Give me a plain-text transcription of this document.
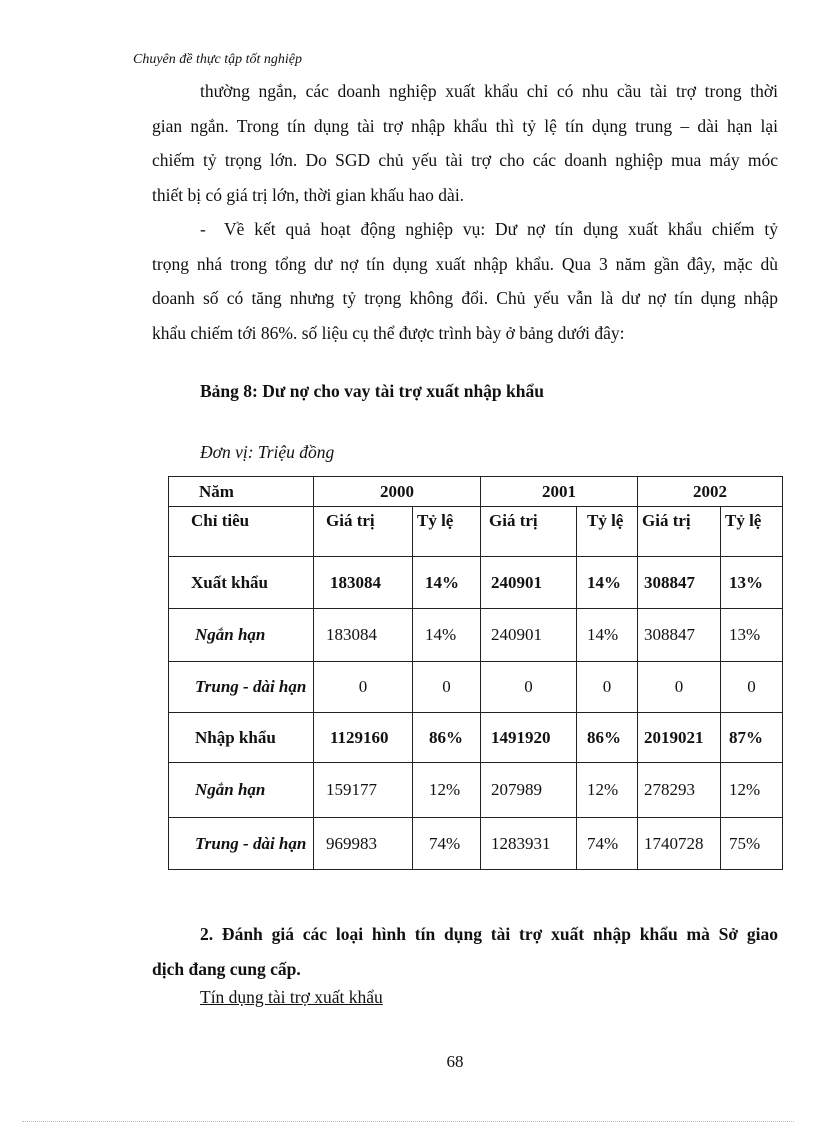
Chuyên đề thực tập tốt nghiệp
thường ngắn, các doanh nghiệp xuất khẩu chỉ có nhu cầu tài trợ trong thời
gian ngắn. Trong tín dụng tài trợ nhập khẩu thì tỷ lệ tín dụng trung – dài hạn lại
chiếm tỷ trọng lớn. Do SGD chủ yếu tài trợ cho các doanh nghiệp mua máy móc
thiết bị có giá trị lớn, thời gian khấu hao dài.
- Về kết quả hoạt động nghiệp vụ: Dư nợ tín dụng xuất khẩu chiếm tỷ
trọng nhá trong tổng dư nợ tín dụng xuất nhập khẩu. Qua 3 năm gần đây, mặc dù
doanh số có tăng nhưng tỷ trọng không đổi. Chủ yếu vẫn là dư nợ tín dụng nhập
khẩu chiếm tới 86%. số liệu cụ thể được trình bày ở bảng dưới đây:
Bảng 8: Dư nợ cho vay tài trợ xuất nhập khẩu
Đơn vị: Triệu đồng
Năm	2000		2001		2002	
Chỉ tiêu	Giá trị	Tỷ lệ	Giá trị	Tỷ lệ	Giá trị	Tỷ lệ
Xuất khẩu	183084	14%	240901	14%	308847	13%
Ngắn hạn	183084	14%	240901	14%	308847	13%
Trung - dài hạn	0	0	0	0	0	0
Nhập khẩu	1129160	86%	1491920	86%	2019021	87%
Ngắn hạn	159177	12%	207989	12%	278293	12%
Trung - dài hạn	969983	74%	1283931	74%	1740728	75%
2. Đánh giá các loại hình tín dụng tài trợ xuất nhập khẩu mà Sở giao
dịch đang cung cấp.
Tín dụng tài trợ xuất khẩu
68
